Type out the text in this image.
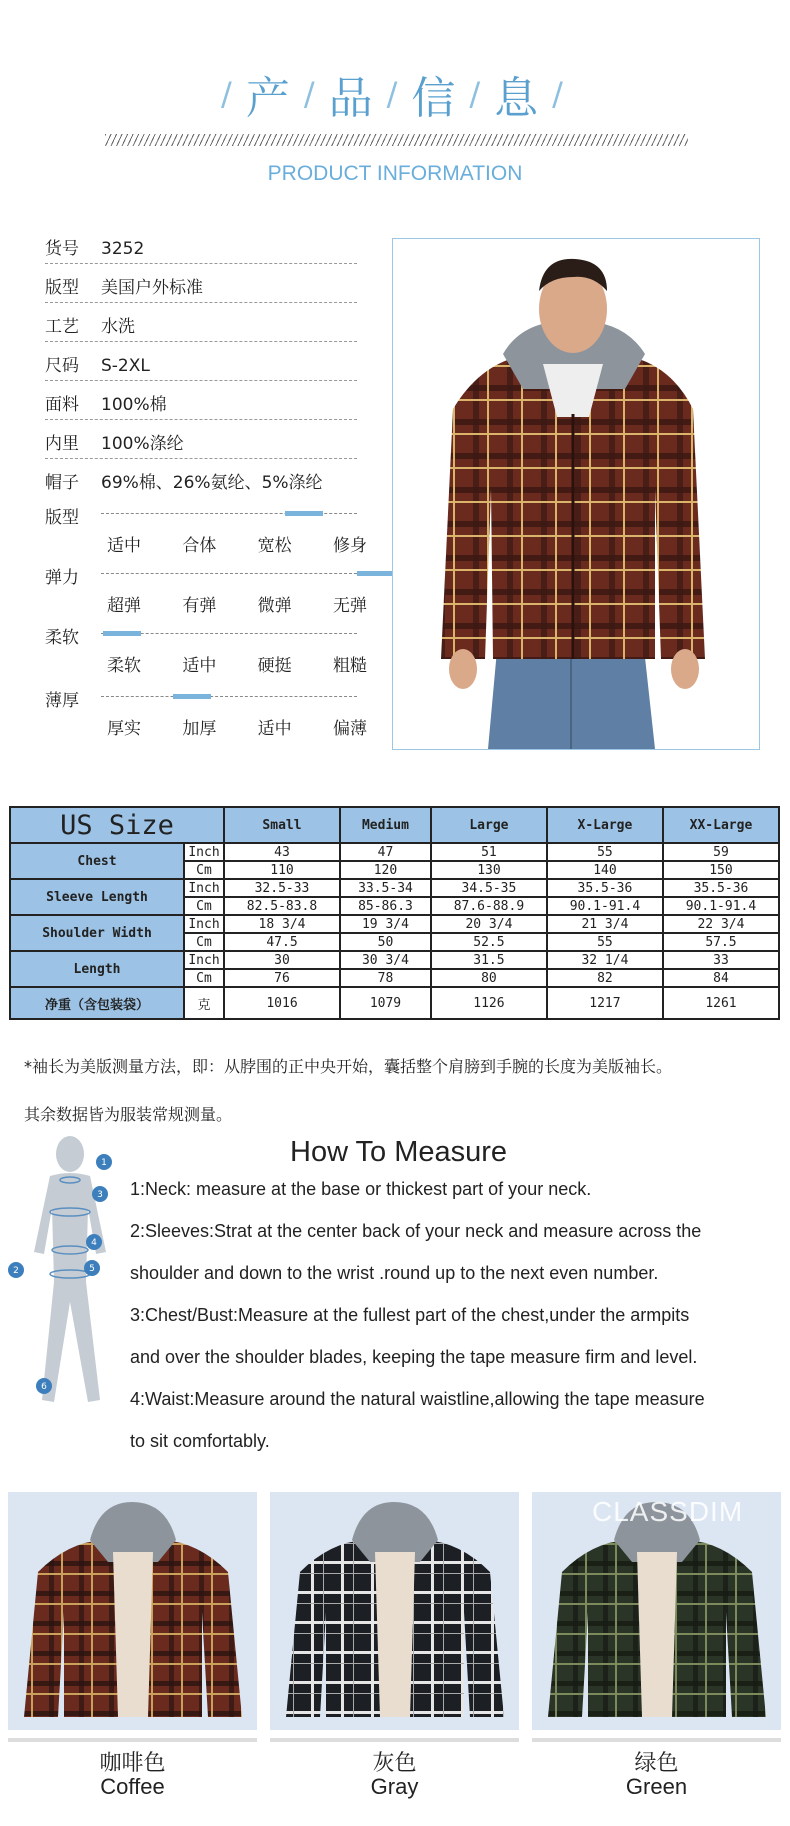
/ 产 / 品 / 信 / 息 /
PRODUCT INFORMATION
货号	3252
版型	美国户外标准
工艺	水洗
尺码	S-2XL
面料	100%棉
内里	100%涤纶
帽子	69%棉、26%氨纶、5%涤纶
版型
适中 合体 宽松 修身
弹力
超弹 有弹 微弹 无弹
柔软
柔软 适中 硬挺 粗糙
薄厚
厚实 加厚 适中 偏薄
US Size		Small	Medium	Large	X-Large	XX-Large
Chest	Inch	43	47	51	55	59
	Cm	110	120	130	140	150
Sleeve Length	Inch	32.5-33	33.5-34	34.5-35	35.5-36	35.5-36
	Cm	82.5-83.8	85-86.3	87.6-88.9	90.1-91.4	90.1-91.4
Shoulder Width	Inch	18 3/4	19 3/4	20 3/4	21 3/4	22 3/4
	Cm	47.5	50	52.5	55	57.5
Length	Inch	30	30 3/4	31.5	32 1/4	33
	Cm	76	78	80	82	84
净重（含包装袋）	克	1016	1079	1126	1217	1261
*袖长为美版测量方法，即：从脖围的正中央开始，囊括整个肩膀到手腕的长度为美版袖长。
其余数据皆为服装常规测量。
1
3
4
2	5
6
How To Measure
1:Neck: measure at the base or thickest part of your neck.
2:Sleeves:Strat at the center back of your neck and measure across the
shoulder and down to the wrist .round up to the next even number.
3:Chest/Bust:Measure at the fullest part of the chest,under the armpits
and over the shoulder blades, keeping the tape measure firm and level.
4:Waist:Measure around the natural waistline,allowing the tape measure
to sit comfortably.
CLASSDIM
咖啡色
Coffee
灰色
Gray
绿色
Green
